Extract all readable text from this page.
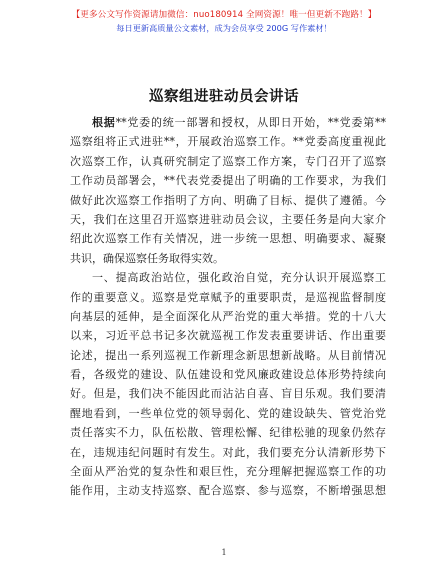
【更多公文写作资源请加微信：nuo180914 全网资源！唯一但更新不跑路！】
每日更新高质量公文素材，成为会员享受 200G 写作素材！
巡察组进驻动员会讲话
根据**党委的统一部署和授权，从即日开始，**党委第**
巡察组将正式进驻**，开展政治巡察工作。**党委高度重视此
次巡察工作，认真研究制定了巡察工作方案，专门召开了巡察
工作动员部署会，**代表党委提出了明确的工作要求，为我们
做好此次巡察工作指明了方向、明确了目标、提供了遵循。今
天，我们在这里召开巡察进驻动员会议，主要任务是向大家介
绍此次巡察工作有关情况，进一步统一思想、明确要求、凝聚
共识，确保巡察任务取得实效。
一、提高政治站位，强化政治自觉，充分认识开展巡察工
作的重要意义。巡察是党章赋予的重要职责，是巡视监督制度
向基层的延伸，是全面深化从严治党的重大举措。党的十八大
以来，习近平总书记多次就巡视工作发表重要讲话、作出重要
论述，提出一系列巡视工作新理念新思想新战略。从目前情况
看，各级党的建设、队伍建设和党风廉政建设总体形势持续向
好。但是，我们决不能因此而沾沾自喜、盲目乐观。我们要清
醒地看到，一些单位党的领导弱化、党的建设缺失、管党治党
责任落实不力，队伍松散、管理松懈、纪律松驰的现象仍然存
在，违规违纪问题时有发生。对此，我们要充分认清新形势下
全面从严治党的复杂性和艰巨性，充分理解把握巡察工作的功
能作用，主动支持巡察、配合巡察、参与巡察，不断增强思想
1
